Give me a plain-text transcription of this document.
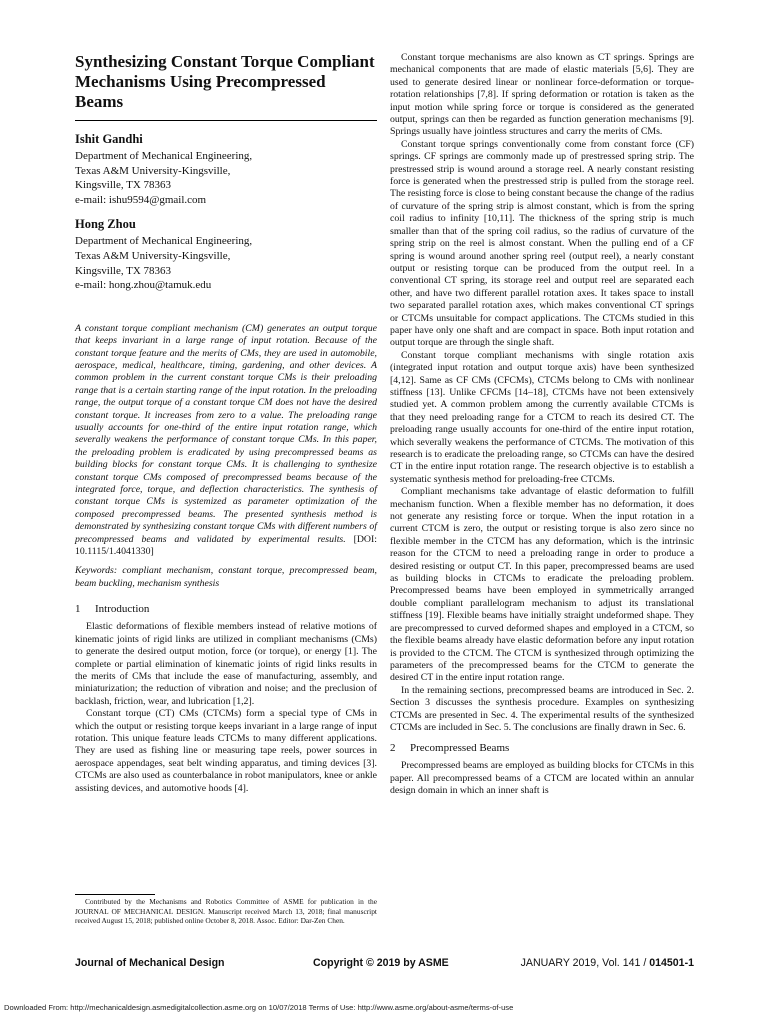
Synthesizing Constant Torque Compliant Mechanisms Using Precompressed Beams
Ishit Gandhi
Department of Mechanical Engineering,
Texas A&M University-Kingsville,
Kingsville, TX 78363
e-mail: ishu9594@gmail.com
Hong Zhou
Department of Mechanical Engineering,
Texas A&M University-Kingsville,
Kingsville, TX 78363
e-mail: hong.zhou@tamuk.edu
A constant torque compliant mechanism (CM) generates an output torque that keeps invariant in a large range of input rotation. Because of the constant torque feature and the merits of CMs, they are used in automobile, aerospace, medical, healthcare, timing, gardening, and other devices. A common problem in the current constant torque CMs is their preloading range that is a certain starting range of the input rotation. In the preloading range, the output torque of a constant torque CM does not have the desired constant torque. It increases from zero to a value. The preloading range usually accounts for one-third of the entire input rotation range, which severally weakens the performance of constant torque CMs. In this paper, the preloading problem is eradicated by using precompressed beams as building blocks for constant torque CMs. It is challenging to synthesize constant torque CMs composed of precompressed beams because of the integrated force, torque, and deflection characteristics. The synthesis of constant torque CMs is systemized as parameter optimization of the composed precompressed beams. The presented synthesis method is demonstrated by synthesizing constant torque CMs with different numbers of precompressed beams and validated by experimental results. [DOI: 10.1115/1.4041330]
Keywords: compliant mechanism, constant torque, precompressed beam, beam buckling, mechanism synthesis
1 Introduction

Elastic deformations of flexible members instead of relative motions of kinematic joints of rigid links are utilized in compliant mechanisms (CMs) to generate the desired output motion, force (or torque), or energy [1]. The complete or partial elimination of kinematic joints of rigid links results in the merits of CMs that include the ease of manufacturing, assembly, and miniaturization; the reduction of vibration and noise; and the preclusion of backlash, friction, wear, and lubrication [1,2].

Constant torque (CT) CMs (CTCMs) form a special type of CMs in which the output or resisting torque keeps invariant in a large range of input rotation. This unique feature leads CTCMs to many different applications. They are used as fishing line or measuring tape reels, power sources in aerospace appendages, seat belt winding apparatus, and timing devices [3]. CTCMs are also used as counterbalance in robot manipulators, knee or ankle assisting devices, and automotive hoods [4].

Contributed by the Mechanisms and Robotics Committee of ASME for publication in the JOURNAL OF MECHANICAL DESIGN. Manuscript received March 13, 2018; final manuscript received August 15, 2018; published online October 8, 2018. Assoc. Editor: Dar-Zen Chen.

Constant torque mechanisms are also known as CT springs. Springs are mechanical components that are made of elastic materials [5,6]. They are used to generate desired linear or nonlinear force-deformation or torque-rotation relationships [7,8]. If spring deformation or rotation is taken as the input motion while spring force or torque is considered as the generated output, springs can then be regarded as function generation mechanisms [9]. Springs usually have jointless structures and carry the merits of CMs.

Constant torque springs conventionally come from constant force (CF) springs. CF springs are commonly made up of prestressed spring strip. The prestressed strip is wound around a storage reel. A nearly constant resisting force is generated when the prestressed strip is pulled from the storage reel. The resisting force is close to being constant because the change of the radius of curvature of the spring strip is almost constant, which is from the spring coil radius to infinity [10,11]. The thickness of the spring strip is much smaller than that of the spring coil radius, so the radius of curvature of the spring strip on the reel is almost constant. When the pulling end of a CF spring is wound around another spring reel (output reel), a nearly constant output or resisting torque can be produced from the output reel. In a conventional CT spring, its storage reel and output reel are separated each other, and have two different parallel rotation axes. It takes space to install two separated parallel rotation axes, which makes conventional CT springs or CTCMs unsuitable for compact applications. The CTCMs studied in this paper have only one shaft and are compact in space. Both input rotation and output torque are through the single shaft.

Constant torque compliant mechanisms with single rotation axis (integrated input rotation and output torque axis) have been synthesized [4,12]. Same as CF CMs (CFCMs), CTCMs belong to CMs with nonlinear stiffness [13]. Unlike CFCMs [14–18], CTCMs have not been extensively studied yet. A common problem among the currently available CTCMs is that they need preloading range for a CTCM to reach its desired CT. The preloading range usually accounts for one-third of the entire input rotation, which severally weakens the performance of CTCMs. The motivation of this research is to eradicate the preloading range, so CTCMs can have the desired CT in the entire input rotation range. The research objective is to establish a systematic synthesis method for preloading-free CTCMs.

Compliant mechanisms take advantage of elastic deformation to fulfill mechanism function. When a flexible member has no deformation, it does not generate any resisting force or torque. When the input rotation in a current CTCM is zero, the output or resisting torque is also zero since no flexible member in the CTCM has any deformation, which is the intrinsic reason for the CTCM to need a preloading range in order to produce a desired resisting or output CT. In this paper, precompressed beams are used as building blocks in CTCMs to eradicate the preloading problem. Precompressed beams have been employed in symmetrically arranged double compliant parallelogram mechanism to adjust its translational stiffness [19]. Flexible beams have initially straight undeformed shape. They are precompressed to curved deformed shapes and employed in a CTCM, so the flexible beams already have elastic deformation before any input rotation is provided to the CTCM. The CTCM is synthesized through optimizing the parameters of the precompressed beams for the CTCM to generate the desired CT in the entire input rotation range.

In the remaining sections, precompressed beams are introduced in Sec. 2. Section 3 discusses the synthesis procedure. Examples on synthesizing CTCMs are presented in Sec. 4. The experimental results of the synthesized CTCMs are included in Sec. 5. The conclusions are finally drawn in Sec. 6.

2 Precompressed Beams

Precompressed beams are employed as building blocks for CTCMs in this paper. All precompressed beams of a CTCM are located within an annular design domain in which an inner shaft is

Journal of Mechanical Design	Copyright © 2019 by ASME	JANUARY 2019, Vol. 141 / 014501-1
Downloaded From: http://mechanicaldesign.asmedigitalcollection.asme.org on 10/07/2018 Terms of Use: http://www.asme.org/about-asme/terms-of-use
